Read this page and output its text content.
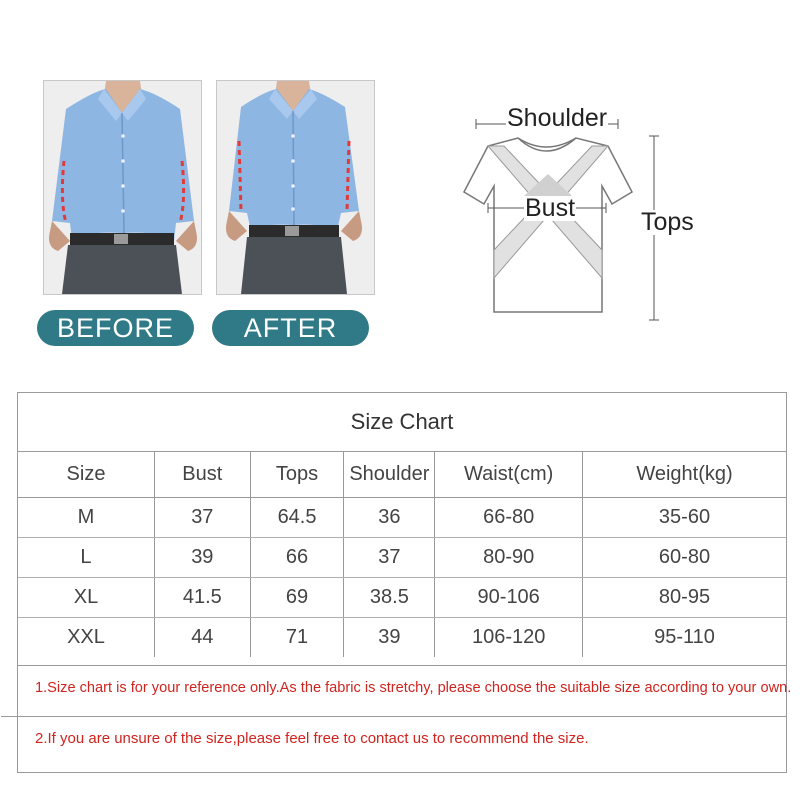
BEFORE	AFTER
Shoulder
Bust	Tops
Size Chart
Size	Bust	Tops	Shoulder	Waist(cm)	Weight(kg)
M	37	64.5	36	66-80	35-60
L	39	66	37	80-90	60-80
XL	41.5	69	38.5	90-106	80-95
XXL	44	71	39	106-120	95-110
1.Size chart is for your reference only.As the fabric is stretchy, please choose the suitable size according to your own.
2.If you are unsure of the size,please feel free to contact us to recommend the size.
